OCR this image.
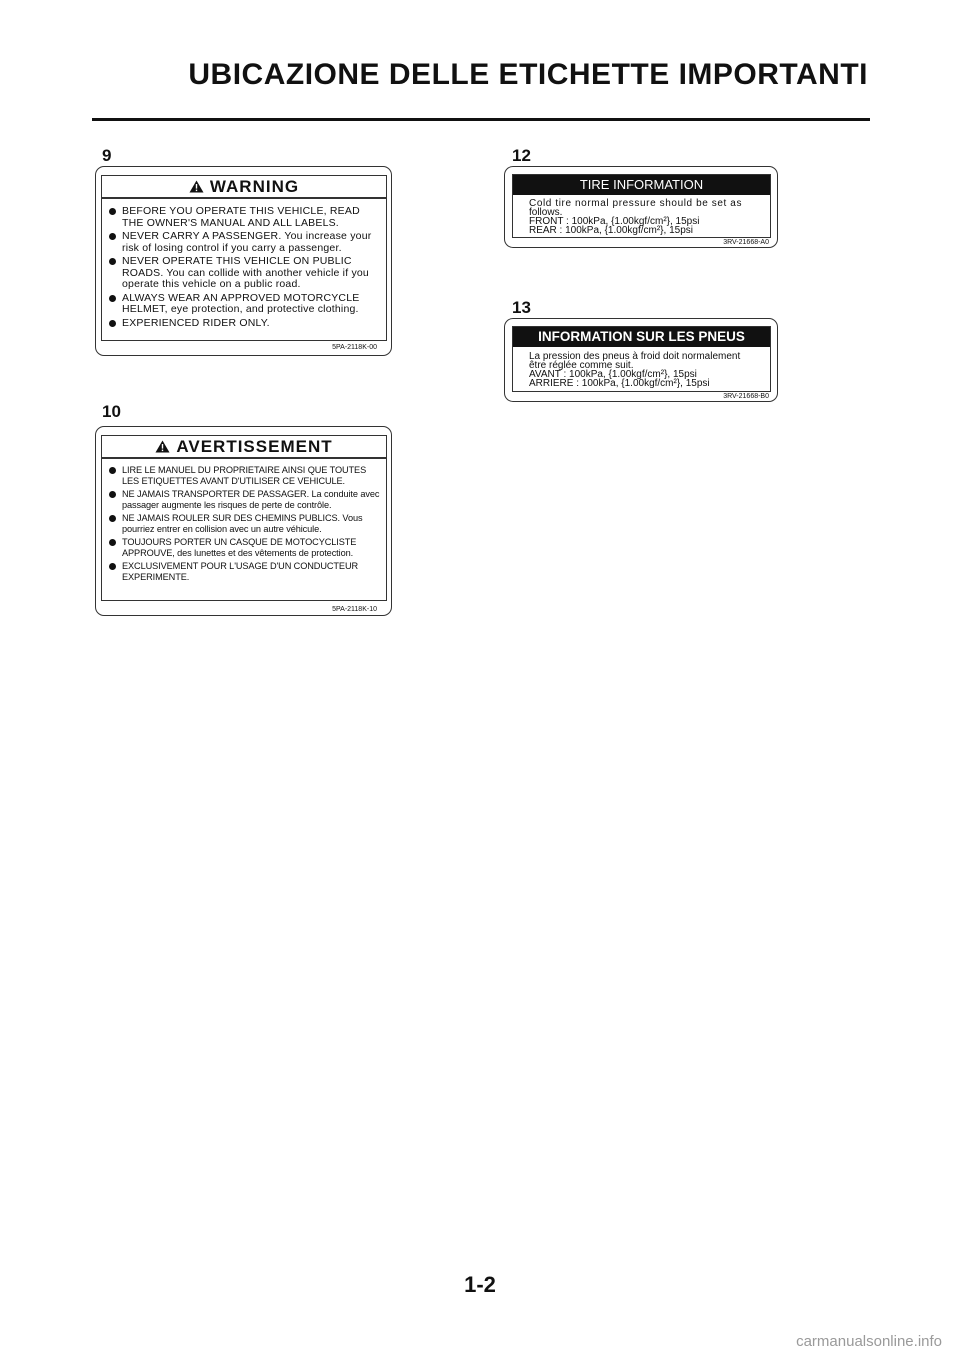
UBICAZIONE DELLE ETICHETTE IMPORTANTI
9
WARNING
BEFORE YOU OPERATE THIS VEHICLE, READ THE OWNER'S MANUAL AND ALL LABELS.
NEVER CARRY A PASSENGER. You increase your risk of losing control if you carry a passenger.
NEVER OPERATE THIS VEHICLE ON PUBLIC ROADS. You can collide with another vehicle if you operate this vehicle on a public road.
ALWAYS WEAR AN APPROVED MOTORCYCLE HELMET, eye protection, and protective clothing.
EXPERIENCED RIDER ONLY.
5PA-2118K-00
10
AVERTISSEMENT
LIRE LE MANUEL DU PROPRIETAIRE AINSI QUE TOUTES LES ETIQUETTES AVANT D'UTILISER CE VEHICULE.
NE JAMAIS TRANSPORTER DE PASSAGER. La conduite avec passager augmente les risques de perte de contrôle.
NE JAMAIS ROULER SUR DES CHEMINS PUBLICS. Vous pourriez entrer en collision avec un autre véhicule.
TOUJOURS PORTER UN CASQUE DE MOTOCYCLISTE APPROUVE, des lunettes et des vêtements de protection.
EXCLUSIVEMENT POUR L'USAGE D'UN CONDUCTEUR EXPERIMENTE.
5PA-2118K-10
12
TIRE INFORMATION
Cold tire normal pressure should be set as
follows.
FRONT : 100kPa, {1.00kgf/cm²}, 15psi
REAR : 100kPa, {1.00kgf/cm²}, 15psi
3RV-21668-A0
13
INFORMATION SUR LES PNEUS
La pression des pneus à froid doit normalement
être réglée comme suit.
AVANT : 100kPa, {1.00kgf/cm²}, 15psi
ARRIERE : 100kPa, {1.00kgf/cm²}, 15psi
3RV-21668-B0
1-2
carmanualsonline.info
